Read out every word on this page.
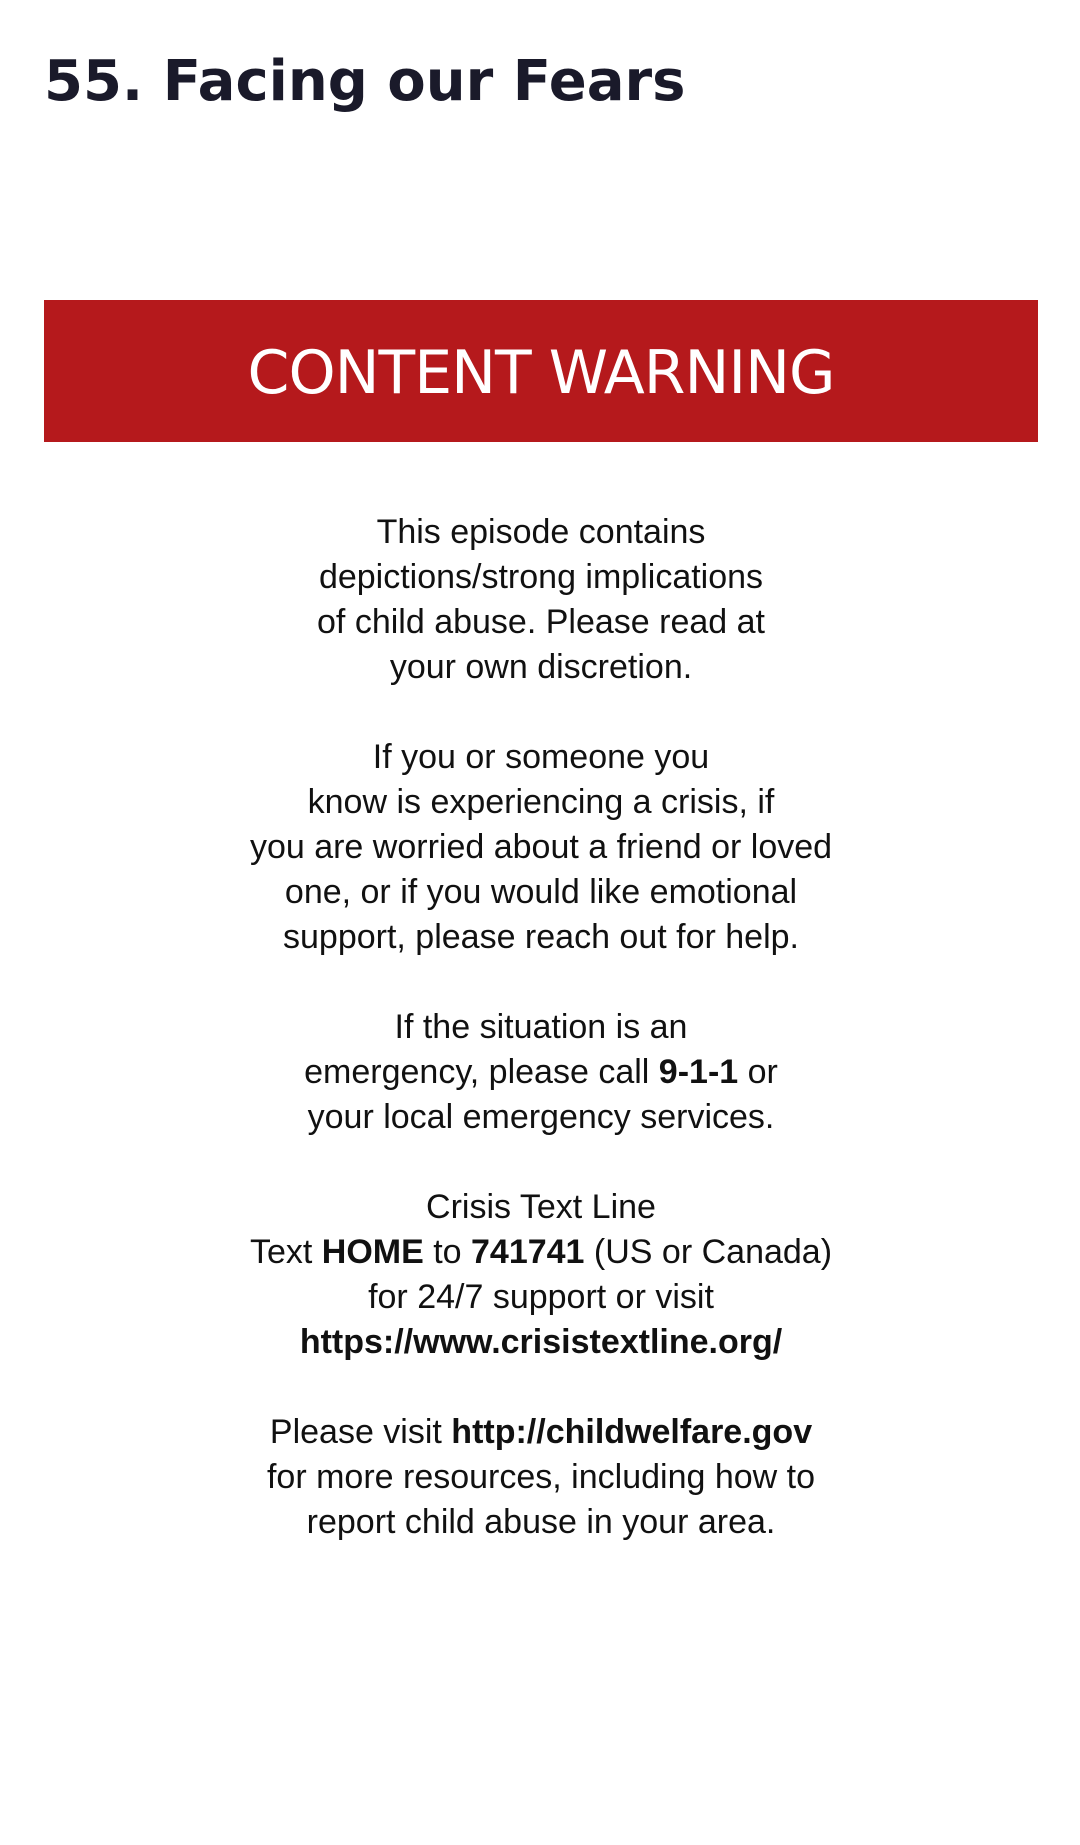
55. Facing our Fears
CONTENT WARNING

This episode contains
depictions/strong implications
of child abuse. Please read at
your own discretion.

If you or someone you
know is experiencing a crisis, if
you are worried about a friend or loved
one, or if you would like emotional
support, please reach out for help.

If the situation is an
emergency, please call 9-1-1 or
your local emergency services.

Crisis Text Line
Text HOME to 741741 (US or Canada)
for 24/7 support or visit
https://www.crisistextline.org/

Please visit http://childwelfare.gov
for more resources, including how to
report child abuse in your area.
